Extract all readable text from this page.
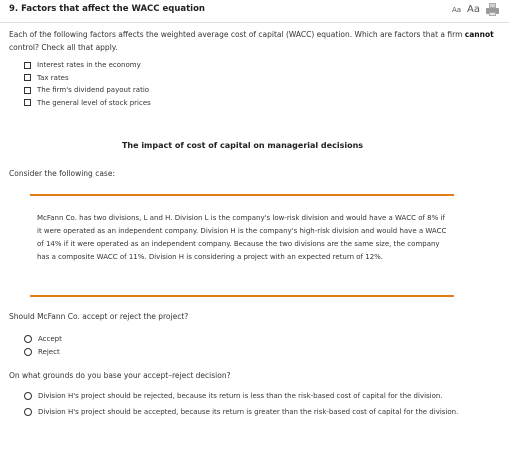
9. Factors that affect the WACC equation	Aa Aa
Each of the following factors affects the weighted average cost of capital (WACC) equation. Which are factors that a firm cannot control? Check all that apply.
Interest rates in the economy
Tax rates
The firm's dividend payout ratio
The general level of stock prices
The impact of cost of capital on managerial decisions
Consider the following case:
McFann Co. has two divisions, L and H. Division L is the company's low-risk division and would have a WACC of 8% if it were operated as an independent company. Division H is the company's high-risk division and would have a WACC of 14% if it were operated as an independent company. Because the two divisions are the same size, the company has a composite WACC of 11%. Division H is considering a project with an expected return of 12%.
Should McFann Co. accept or reject the project?
Accept
Reject
On what grounds do you base your accept–reject decision?
Division H's project should be rejected, because its return is less than the risk-based cost of capital for the division.
Division H's project should be accepted, because its return is greater than the risk-based cost of capital for the division.
